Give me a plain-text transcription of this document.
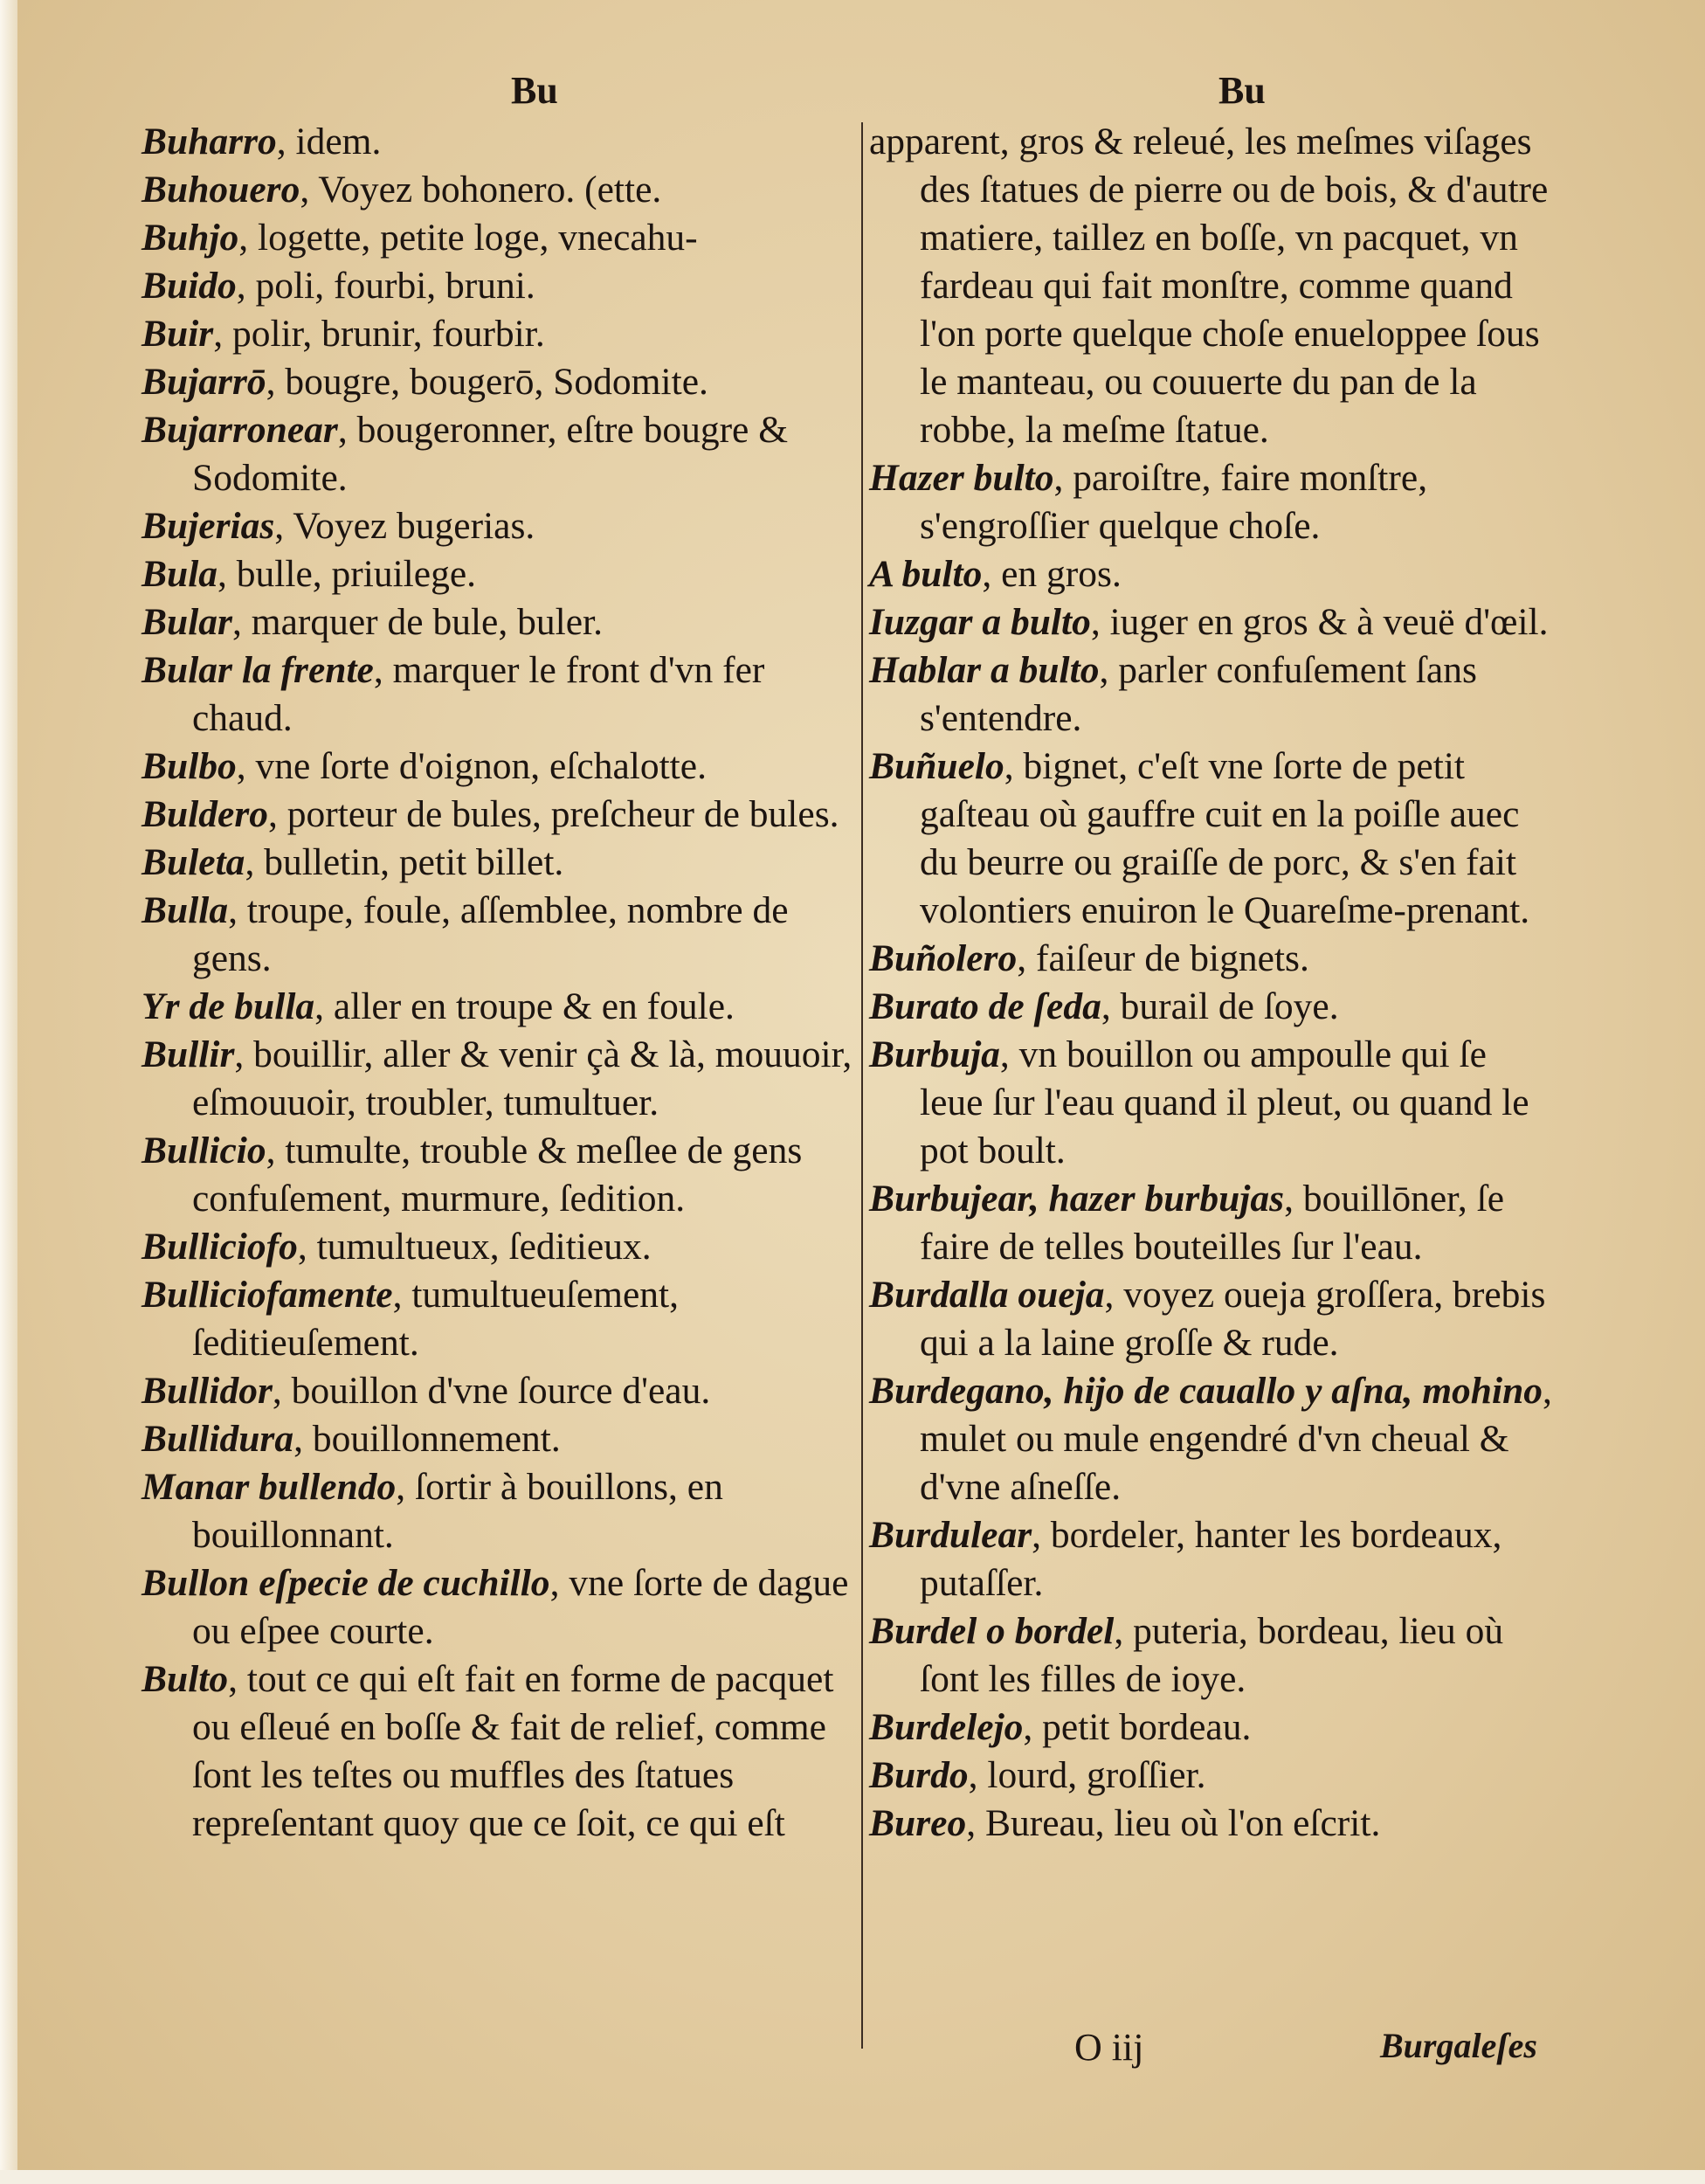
Bu	Bu

Buharro, idem.

Buhouero, Voyez bohonero. (ette.

Buhjo, logette, petite loge, vnecahu-

Buido, poli, fourbi, bruni.

Buir, polir, brunir, fourbir.

Bujarrō, bougre, bougerō, Sodomite.

Bujarronear, bougeronner, eſtre bougre & Sodomite.

Bujerias, Voyez bugerias.

Bula, bulle, priuilege.

Bular, marquer de bule, buler.

Bular la frente, marquer le front d'vn fer chaud.

Bulbo, vne ſorte d'oignon, eſchalotte.

Buldero, porteur de bules, preſcheur de bules.

Buleta, bulletin, petit billet.

Bulla, troupe, foule, aſſemblee, nombre de gens.

Yr de bulla, aller en troupe & en foule.

Bullir, bouillir, aller & venir çà & là, mouuoir, eſmouuoir, troubler, tumultuer.

Bullicio, tumulte, trouble & meſlee de gens confuſement, murmure, ſedition.

Bulliciofo, tumultueux, ſeditieux.

Bulliciofamente, tumultueuſement, ſeditieuſement.

Bullidor, bouillon d'vne ſource d'eau.

Bullidura, bouillonnement.

Manar bullendo, ſortir à bouillons, en bouillonnant.

Bullon eſpecie de cuchillo, vne ſorte de dague ou eſpee courte.

Bulto, tout ce qui eſt fait en forme de pacquet ou eſleué en boſſe & fait de relief, comme ſont les teſtes ou muffles des ſtatues repreſentant quoy que ce ſoit, ce qui eſt

apparent, gros & releué, les meſmes viſages des ſtatues de pierre ou de bois, & d'autre matiere, taillez en boſſe, vn pacquet, vn fardeau qui fait monſtre, comme quand l'on porte quelque choſe enueloppee ſous le manteau, ou couuerte du pan de la robbe, la meſme ſtatue.

Hazer bulto, paroiſtre, faire monſtre, s'engroſſier quelque choſe.

A bulto, en gros.

Iuzgar a bulto, iuger en gros & à veuë d'œil.

Hablar a bulto, parler confuſement ſans s'entendre.

Buñuelo, bignet, c'eſt vne ſorte de petit gaſteau où gauffre cuit en la poiſle auec du beurre ou graiſſe de porc, & s'en fait volontiers enuiron le Quareſme-prenant.

Buñolero, faiſeur de bignets.

Burato de ſeda, burail de ſoye.

Burbuja, vn bouillon ou ampoulle qui ſe leue ſur l'eau quand il pleut, ou quand le pot boult.

Burbujear, hazer burbujas, bouillōner, ſe faire de telles bouteilles ſur l'eau.

Burdalla oueja, voyez oueja groſſera, brebis qui a la laine groſſe & rude.

Burdegano, hijo de cauallo y aſna, mohino, mulet ou mule engendré d'vn cheual & d'vne aſneſſe.

Burdulear, bordeler, hanter les bordeaux, putaſſer.

Burdel o bordel, puteria, bordeau, lieu où ſont les filles de ioye.

Burdelejo, petit bordeau.

Burdo, lourd, groſſier.

Bureo, Bureau, lieu où l'on eſcrit.

O iij	Burgaleſes
